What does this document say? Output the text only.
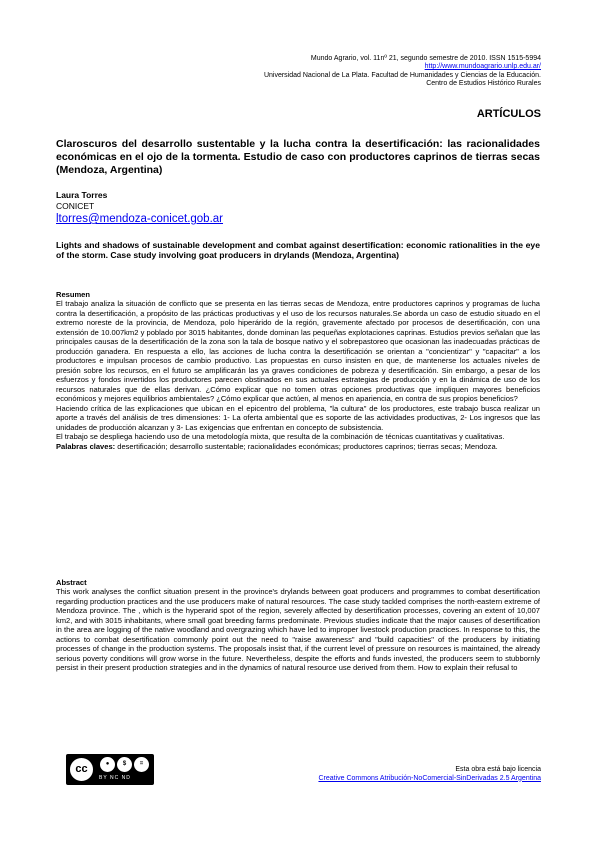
Mundo Agrario, vol. 11nº 21, segundo semestre de 2010. ISSN 1515-5994
http://www.mundoagrario.unlp.edu.ar/
Universidad Nacional de La Plata. Facultad de Humanidades y Ciencias de la Educación.
Centro de Estudios Histórico Rurales
ARTÍCULOS
Claroscuros del desarrollo sustentable y la lucha contra la desertificación: las racionalidades económicas en el ojo de la tormenta. Estudio de caso con productores caprinos de tierras secas (Mendoza, Argentina)
Laura Torres
CONICET
ltorres@mendoza-conicet.gob.ar
Lights and shadows of sustainable development and combat against desertification: economic rationalities in the eye of the storm. Case study involving goat producers in drylands (Mendoza, Argentina)

Resumen

El trabajo analiza la situación de conflicto que se presenta en las tierras secas de Mendoza, entre productores caprinos y programas de lucha contra la desertificación, a propósito de las prácticas productivas y el uso de los recursos naturales.Se aborda un caso de estudio situado en el extremo noreste de la provincia, de Mendoza, polo hiperárido de la región, gravemente afectado por procesos de desertificación, con una extensión de 10.007km2 y poblado por 3015 habitantes, donde dominan las pequeñas explotaciones caprinas. Estudios previos señalan que las principales causas de la desertificación de la zona son la tala de bosque nativo y el sobrepastoreo que ocasionan las inadecuadas prácticas de producción ganadera. En respuesta a ello, las acciones de lucha contra la desertificación se orientan a "concientizar" y "capacitar" a los productores e impulsan procesos de cambio productivo. Las propuestas en curso insisten en que, de mantenerse los actuales niveles de presión sobre los recursos, en el futuro se amplificarán las ya graves condiciones de pobreza y desertificación. Sin embargo, a pesar de los esfuerzos y fondos invertidos los productores parecen obstinados en sus actuales estrategias de producción y en la dinámica de uso de los recursos naturales que de ellas derivan. ¿Cómo explicar que no tomen otras opciones productivas que impliquen mayores beneficios económicos y mejores equilibrios ambientales? ¿Cómo explicar que actúen, al menos en apariencia, en contra de sus propios beneficios?

Haciendo crítica de las explicaciones que ubican en el epicentro del problema, "la cultura" de los productores, este trabajo busca realizar un aporte a través del análisis de tres dimensiones: 1- La oferta ambiental que es soporte de las actividades productivas, 2- Los ingresos que las unidades de producción alcanzan y 3- Las exigencias que enfrentan en concepto de subsistencia.

El trabajo se despliega haciendo uso de una metodología mixta, que resulta de la combinación de técnicas cuantitativas y cualitativas.

Palabras claves: desertificación; desarrollo sustentable; racionalidades económicas; productores caprinos; tierras secas; Mendoza.

Abstract

This work analyses the conflict situation present in the province's drylands between goat producers and programmes to combat desertification regarding production practices and the use producers make of natural resources. The case study tackled comprises the north-eastern extreme of Mendoza province. The , which is the hyperarid spot of the region, severely affected by desertification processes, covering an extent of 10,007 km2, and with 3015 inhabitants, where small goat breeding farms predominate. Previous studies indicate that the major causes of desertification in the area are logging of the native woodland and overgrazing which have led to improper livestock production practices. In response to this, the actions to combat desertification commonly point out the need to "raise awareness" and "build capacities" of the producers by initiating processes of change in the production systems. The proposals insist that, if the current level of pressure on resources is maintained, the already serious poverty conditions will grow worse in the future. Nevertheless, despite the efforts and funds invested, the producers seem to stubbornly persist in their present production strategies and in the dynamics of natural resource use derived from them. How to explain their refusal to

cc	●	$	=
BY NC ND
Esta obra está bajo licencia
Creative Commons Atribución-NoComercial-SinDerivadas 2.5 Argentina
